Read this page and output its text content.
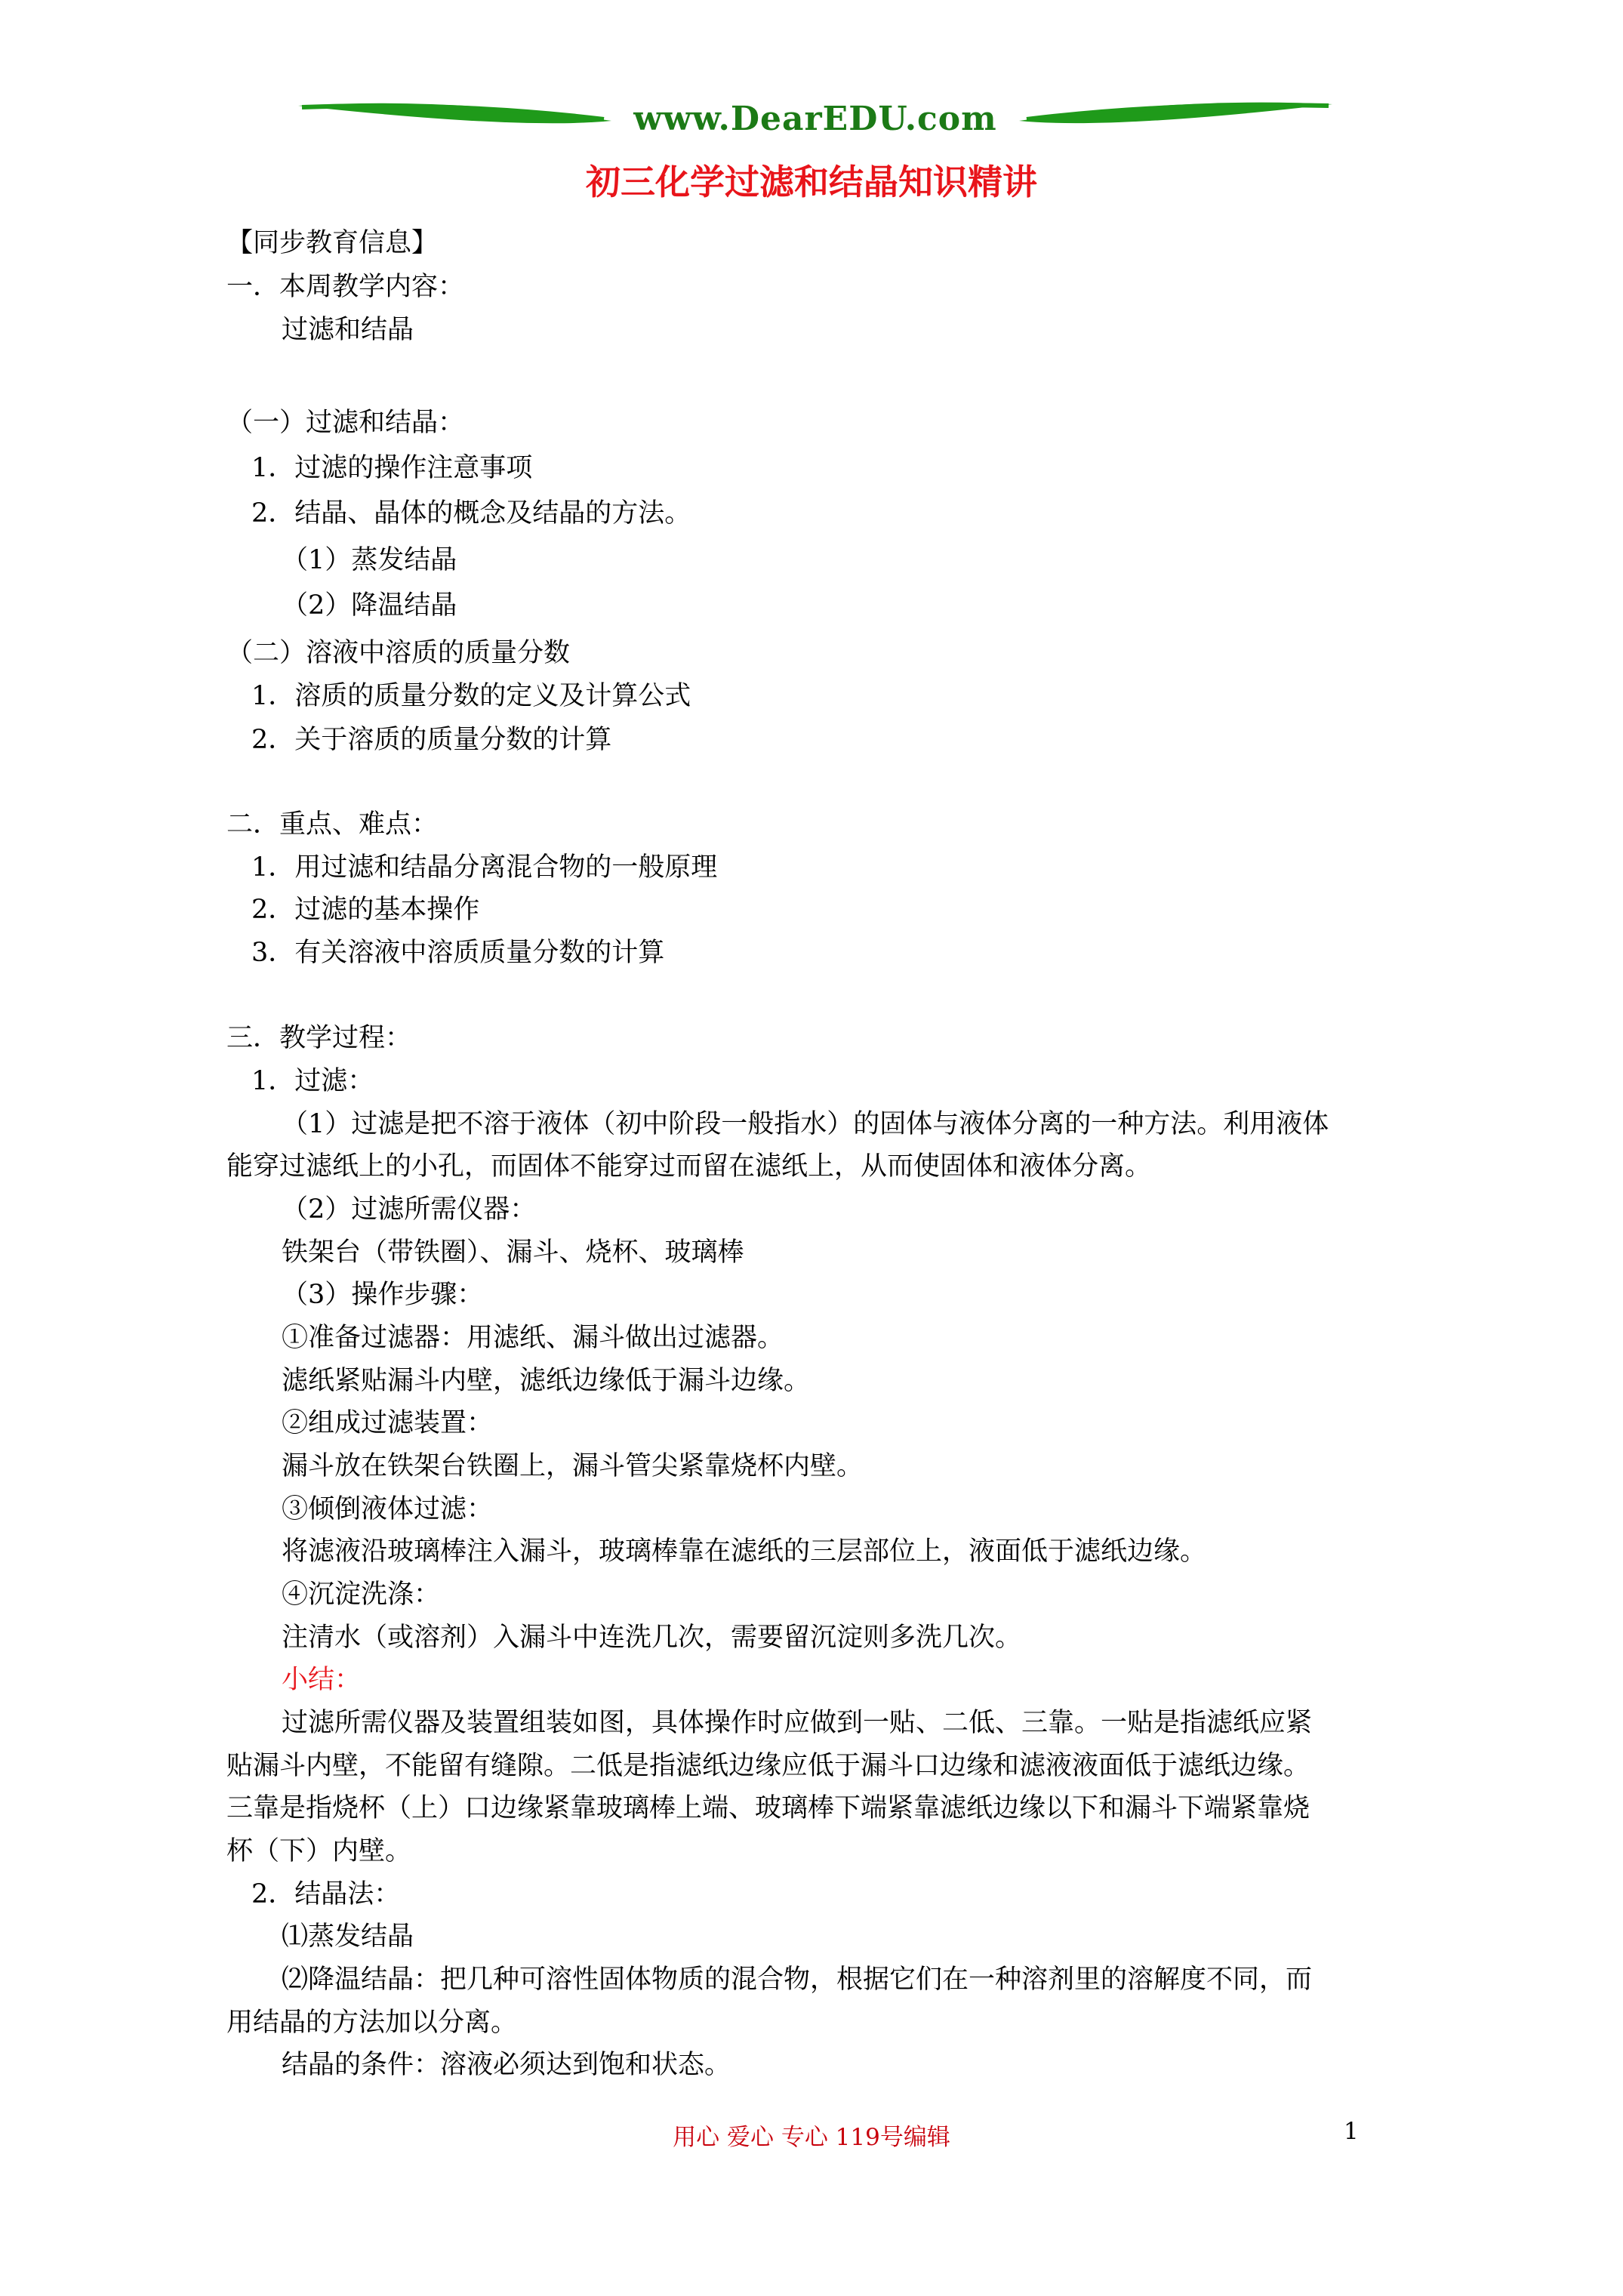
www.DearEDU.com
初三化学过滤和结晶知识精讲
【同步教育信息】
一．本周教学内容：
过滤和结晶
（一）过滤和结晶：
1．过滤的操作注意事项
2．结晶、晶体的概念及结晶的方法。
（1）蒸发结晶
（2）降温结晶
（二）溶液中溶质的质量分数
1．溶质的质量分数的定义及计算公式
2．关于溶质的质量分数的计算
二．重点、难点：
1．用过滤和结晶分离混合物的一般原理
2．过滤的基本操作
3．有关溶液中溶质质量分数的计算
三．教学过程：
1．过滤：
（1）过滤是把不溶于液体（初中阶段一般指水）的固体与液体分离的一种方法。利用液体
能穿过滤纸上的小孔，而固体不能穿过而留在滤纸上，从而使固体和液体分离。
（2）过滤所需仪器：
铁架台（带铁圈）、漏斗、烧杯、玻璃棒
（3）操作步骤：
①准备过滤器：用滤纸、漏斗做出过滤器。
滤纸紧贴漏斗内壁，滤纸边缘低于漏斗边缘。
②组成过滤装置：
漏斗放在铁架台铁圈上，漏斗管尖紧靠烧杯内壁。
③倾倒液体过滤：
将滤液沿玻璃棒注入漏斗，玻璃棒靠在滤纸的三层部位上，液面低于滤纸边缘。
④沉淀洗涤：
注清水（或溶剂）入漏斗中连洗几次，需要留沉淀则多洗几次。
小结：
过滤所需仪器及装置组装如图，具体操作时应做到一贴、二低、三靠。一贴是指滤纸应紧
贴漏斗内壁，不能留有缝隙。二低是指滤纸边缘应低于漏斗口边缘和滤液液面低于滤纸边缘。
三靠是指烧杯（上）口边缘紧靠玻璃棒上端、玻璃棒下端紧靠滤纸边缘以下和漏斗下端紧靠烧
杯（下）内壁。
2．结晶法：
⑴蒸发结晶
⑵降温结晶：把几种可溶性固体物质的混合物，根据它们在一种溶剂里的溶解度不同，而
用结晶的方法加以分离。
结晶的条件：溶液必须达到饱和状态。
用心 爱心 专心 119号编辑	1
